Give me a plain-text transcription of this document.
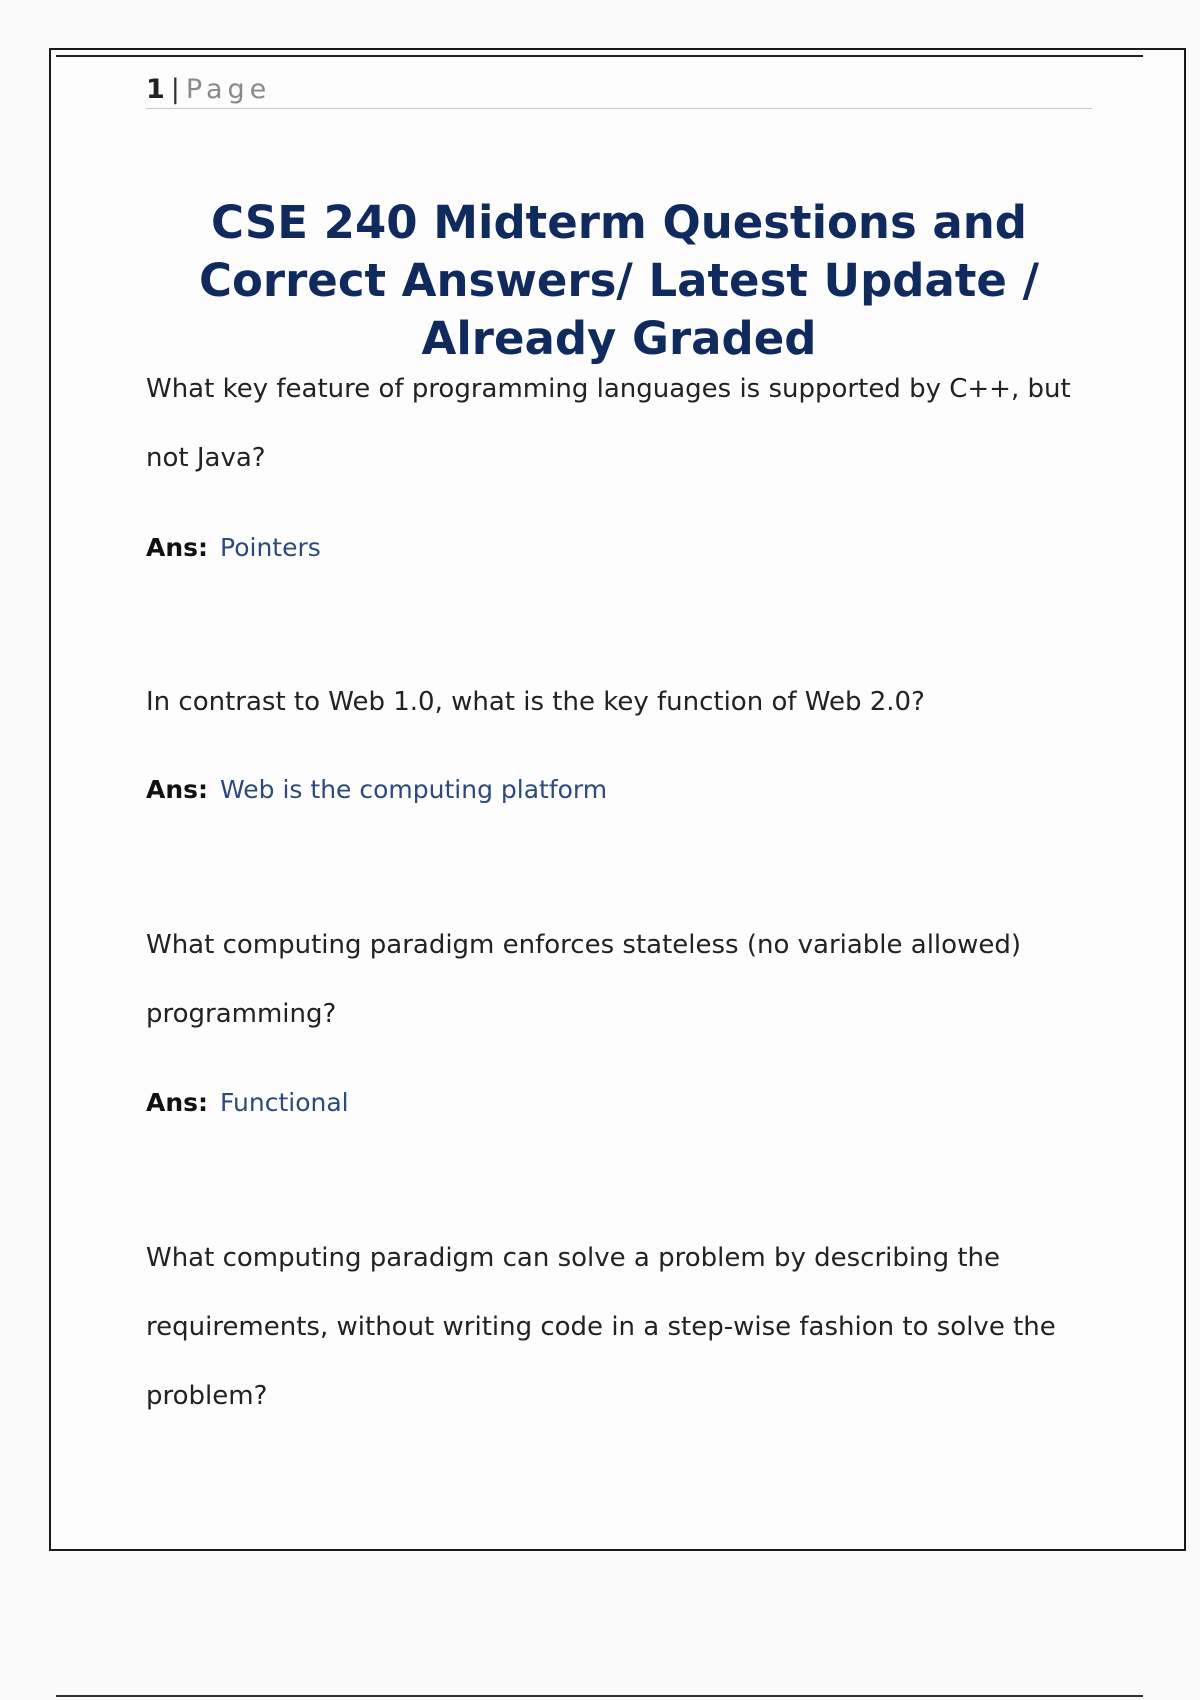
1 | Page
CSE 240 Midterm Questions and Correct Answers/ Latest Update / Already Graded

What key feature of programming languages is supported by C++, but not Java?

Ans: Pointers

In contrast to Web 1.0, what is the key function of Web 2.0?

Ans: Web is the computing platform

What computing paradigm enforces stateless (no variable allowed) programming?

Ans: Functional

What computing paradigm can solve a problem by describing the requirements, without writing code in a step-wise fashion to solve the problem?
